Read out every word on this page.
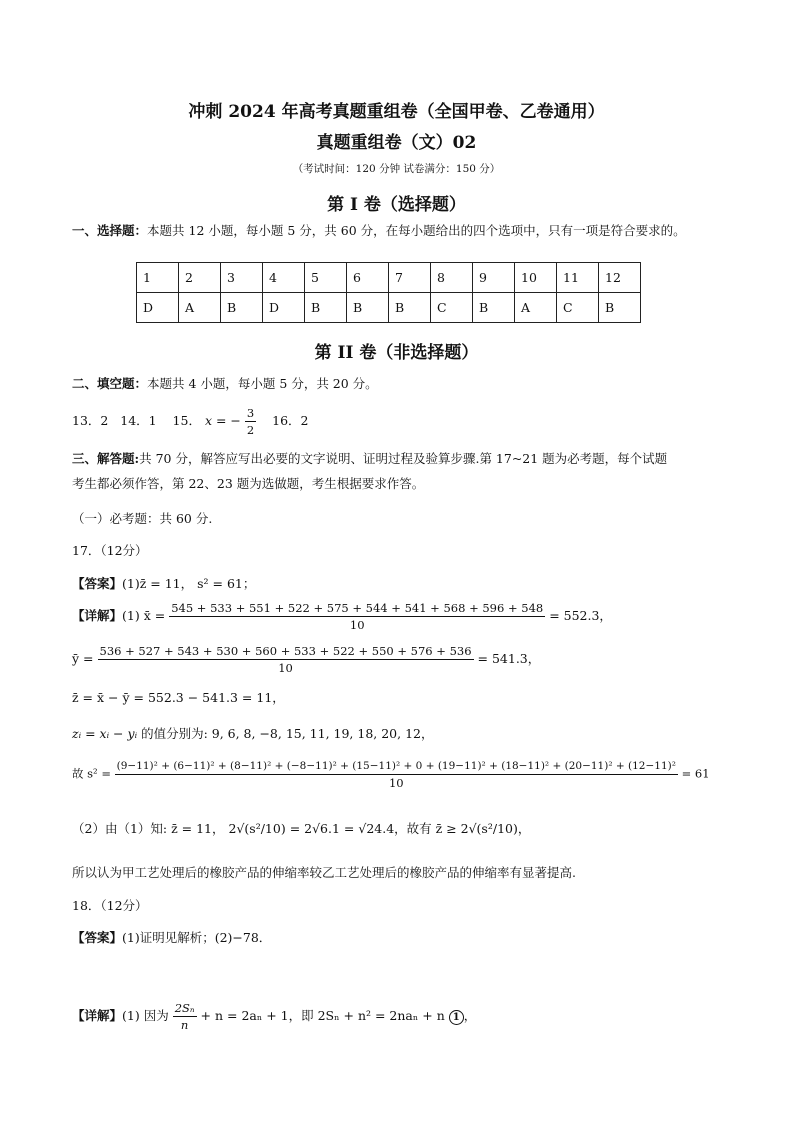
冲刺 2024 年高考真题重组卷（全国甲卷、乙卷通用）
真题重组卷（文）02
（考试时间：120 分钟 试卷满分：150 分）
第 I 卷（选择题）
一、选择题：本题共 12 小题，每小题 5 分，共 60 分，在每小题给出的四个选项中，只有一项是符合要求的。
1	2	3	4	5	6	7	8	9	10	11	12
D	A	B	D	B	B	B	C	B	A	C	B
第 II 卷（非选择题）
二、填空题：本题共 4 小题，每小题 5 分，共 20 分。
13．2 14．1 15． x = − $\frac{3}{2} 16$．2
三、解答题:共 70 分，解答应写出必要的文字说明、证明过程及验算步骤.第 17~21 题为必考题，每个试题
考生都必须作答，第 22、23 题为选做题，考生根据要求作答。
（一）必考题：共 60 分.
17．（12分）
【答案】(1)z̄ = 11， s² = 61；
【详解】(1) x̄ = $\frac{545 + 533 + 551 + 522 + 575 + 544 + 541 + 568 + 596 + 548}{10} = 552.3$，
ȳ = $\frac{536 + 527 + 543 + 530 + 560 + 533 + 522 + 550 + 576 + 536}{10} = 541.3$，
z̄ = x̄ − ȳ = 552.3 − 541.3 = 11，
zᵢ = xᵢ − yᵢ 的值分别为: 9, 6, 8, −8, 15, 11, 19, 18, 20, 12，
故 s² =
(9−11)² + (6−11)² + (8−11)² + (−8−11)² + (15−11)² + 0 + (19−11)² + (18−11)² + (20−11)² + (12−11)²
10
= 61
（2）由（1）知: z̄ = 11， 2√(s²/10) = 2√6.1 = √24.4，故有 z̄ ≥ 2√(s²/10)，
所以认为甲工艺处理后的橡胶产品的伸缩率较乙工艺处理后的橡胶产品的伸缩率有显著提高.
18．（12分）
【答案】(1)证明见解析；(2)−78．
【详解】(1) 因为 $\frac{\text{2Sₙ}}{n} + n = 2a_n + 1$，即 2Sₙ + n² = 2naₙ + n 1 ，
